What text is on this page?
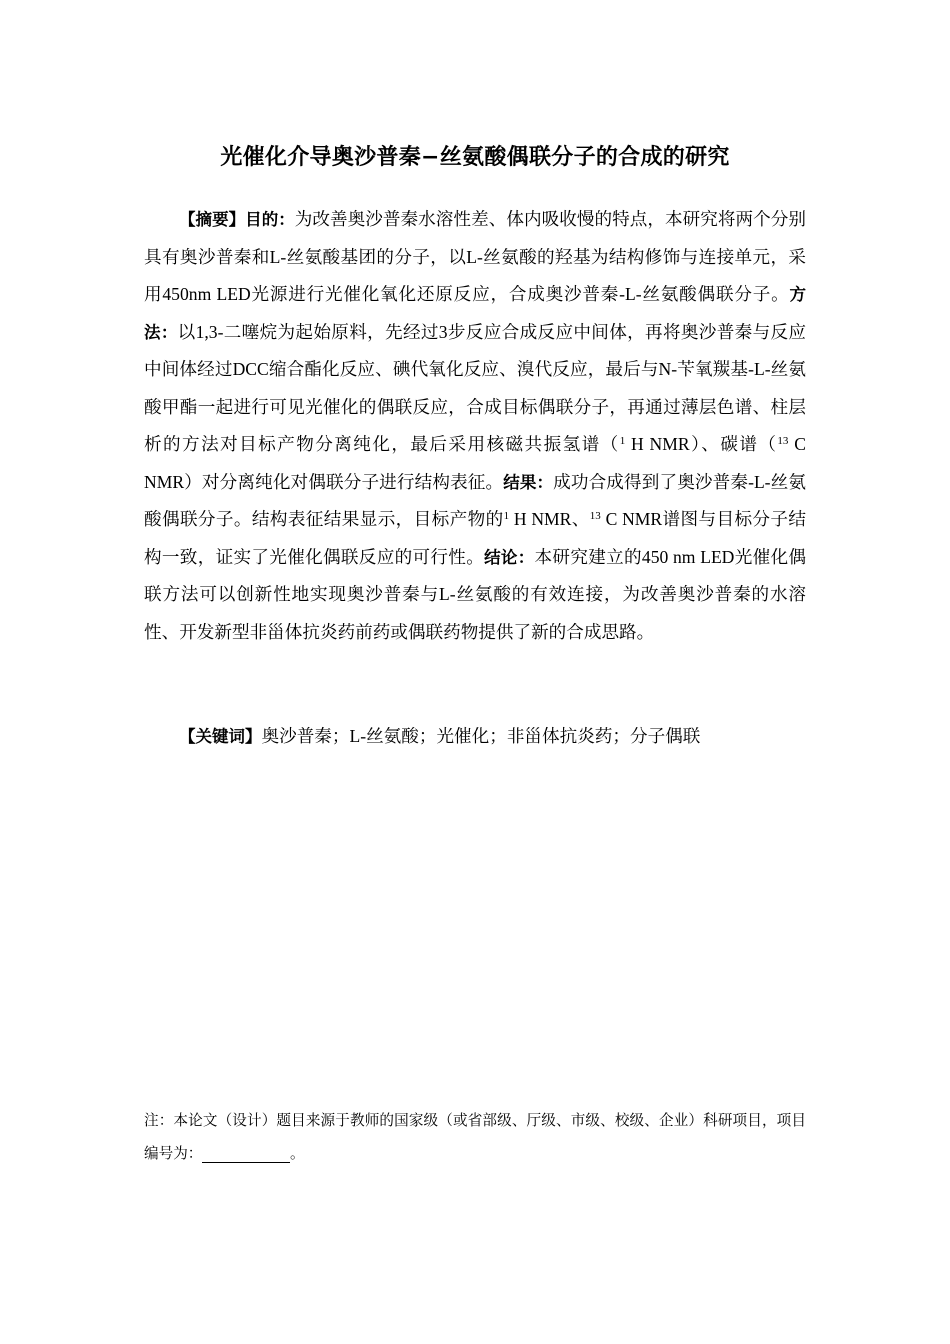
光催化介导奥沙普秦−丝氨酸偶联分子的合成的研究

【摘要】目的：为改善奥沙普秦水溶性差、体内吸收慢的特点，本研究将两个分别具有奥沙普秦和L-丝氨酸基团的分子，以L-丝氨酸的羟基为结构修饰与连接单元，采用450nm LED光源进行光催化氧化还原反应，合成奥沙普秦-L-丝氨酸偶联分子。方法：以1,3-二噻烷为起始原料，先经过3步反应合成反应中间体，再将奥沙普秦与反应中间体经过DCC缩合酯化反应、碘代氧化反应、溴代反应，最后与N-苄氧羰基-L-丝氨酸甲酯一起进行可见光催化的偶联反应，合成目标偶联分子，再通过薄层色谱、柱层析的方法对目标产物分离纯化，最后采用核磁共振氢谱（$^1$ H NMR）、碳谱（$^{13}$ C NMR）对分离纯化对偶联分子进行结构表征。结果：成功合成得到了奥沙普秦-L-丝氨酸偶联分子。结构表征结果显示，目标产物的$^1$ H NMR、$^{13}$ C NMR谱图与目标分子结构一致，证实了光催化偶联反应的可行性。结论：本研究建立的450 nm LED光催化偶联方法可以创新性地实现奥沙普秦与L-丝氨酸的有效连接，为改善奥沙普秦的水溶性、开发新型非甾体抗炎药前药或偶联药物提供了新的合成思路。

【关键词】奥沙普秦；L-丝氨酸；光催化；非甾体抗炎药；分子偶联

注：本论文（设计）题目来源于教师的国家级（或省部级、厅级、市级、校级、企业）科研项目，项目编号为：	。
